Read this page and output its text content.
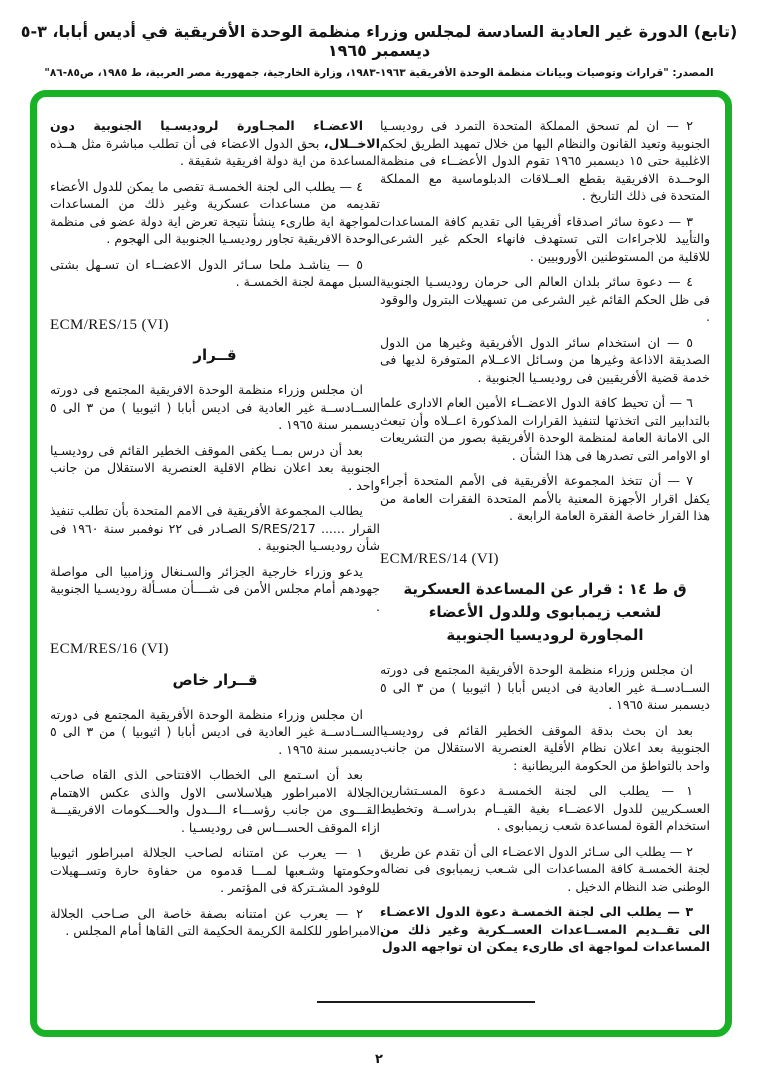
(تابع) الدورة غير العادية السادسة لمجلس وزراء منظمة الوحدة الأفريقية في أديس أبابا، ٣-٥ ديسمبر ١٩٦٥
المصدر: "قرارات وتوصيات وبيانات منظمة الوحدة الأفريقية ١٩٦٣-١٩٨٣، وزارة الخارجية، جمهورية مصر العربية، ط ١٩٨٥، ص٨٥-٨٦"
٢ — ان لم تسحق المملكة المتحدة التمرد فى روديسـيا الجنوبية وتعيد القانون والنظام اليها من خلال تمهيد الطريق لحكم الاغلبية حتى ١٥ ديسمبر ١٩٦٥ تقوم الدول الأعضــاء فى منظمة الوحــدة الافريقية بقطع العــلاقات الدبلوماسية مع المملكة المتحدة فى ذلك التاريخ .
٣ — دعوة سائر اصدقاء أفريقيا الى تقديم كافة المساعدات والتأييد للاجراءات التى تستهدف فانهاء الحكم غير الشرعى للاقلية من المستوطنين الأوروبيين .
٤ — دعوة سائر بلدان العالم الى حرمان روديسـيا الجنوبية فى ظل الحكم القائم غير الشرعى من تسهيلات البترول والوقود .
٥ — ان استخدام سائر الدول الأفريقية وغيرها من الدول الصديقة الاذاعة وغيرها من وسـائل الاعــلام المتوفرة لديها فى خدمة قضية الأفريقيين فى روديسـيا الجنوبية .
٦ — أن تحيط كافة الدول الاعضــاء الأمين العام الادارى علما بالتدابير التى اتخذتها لتنفيذ القرارات المذكورة اعــلاه وأن تبعث الى الامانة العامة لمنظمة الوحدة الأفريقية بصور من التشريعات او الاوامر التى تصدرها فى هذا الشأن .
٧ — أن تتخذ المجموعة الأفريقية فى الأمم المتحدة أجراء يكفل اقرار الأجهزة المعنية بالأمم المتحدة الفقرات العامة من هذا القرار خاصة الفقرة العامة الرابعة .
ECM/RES/14 (VI)
ق ط ١٤ : قرار عن المساعدة العسكرية
لشعب زيمبابوى وللدول الأعضاء
المجاورة لروديسيا الجنوبية
ان مجلس وزراء منظمة الوحدة الأفريقية المجتمع فى دورته الســادســة غير العادية فى اديس أبابا ( اثيوبيا ) من ٣ الى ٥ ديسمبر سنة ١٩٦٥ .
بعد ان بحث بدقة الموقف الخطير القائم فى روديسـيا الجنوبية بعد اعلان نظام الأقلية العنصرية الاستقلال من جانب واحد بالتواطؤ من الحكومة البريطانية :
١ — يطلب الى لجنة الخمسـة دعوة المسـتشارين العسـكريين للدول الاعضــاء بغية القيــام بدراســة وتخطيط استخدام القوة لمساعدة شعب زيمبابوى .
٢ — يطلب الى سـائر الدول الاعضـاء الى أن تقدم عن طريق لجنة الخمسـة كافة المساعدات الى شـعب زيمبابوى فى نضاله الوطنى ضد النظام الدخيل .
٣ — يطلب الى لجنة الخمسـة دعوة الدول الاعضـاء الى تقــديم المســاعدات العســكرية وغير ذلك من المساعدات لمواجهة اى طارىء يمكن ان تواجهه الدول
الاعضـاء المجـاورة لروديسـيا الجنوبية دون الاخــلال، بحق الدول الاعضاء فى أن تطلب مباشرة مثل هــذه المساعدة من اية دولة افريقية شقيقة .
٤ — يطلب الى لجنة الخمسـة تقصى ما يمكن للدول الأعضاء تقديمه من مساعدات عسكرية وغير ذلك من المساعدات لمواجهة اية طارىء ينشأ نتيجة تعرض اية دولة عضو فى منظمة الوحدة الافريقية تجاور روديسـيا الجنوبية الى الهجوم .
٥ — يناشـد ملحا سـائر الدول الاعضــاء ان تسـهل بشتى السبل مهمة لجنة الخمسـة .
ECM/RES/15 (VI)
قــرار
ان مجلس وزراء منظمة الوحدة الافريقية المجتمع فى دورته الســادســة غير العادية فى اديس أبابا ( اثيوبيا ) من ٣ الى ٥ ديسمبر سنة ١٩٦٥ .
بعد أن درس بمــا يكفى الموقف الخطير القائم فى روديسـيا الجنوبية بعد اعلان نظام الاقلية العنصرية الاستقلال من جانب واحد .
يطالب المجموعة الأفريقية فى الامم المتحدة بأن تطلب تنفيذ القرار ...... S/RES/217 الصـادر فى ٢٢ نوفمبر سنة ١٩٦٠ فى شأن روديسـيا الجنوبية .
يدعو وزراء خارجية الجزائر والسـنغال وزامبيا الى مواصلة جهودهم أمام مجلس الأمن فى شــــأن مسـألة روديسـيا الجنوبية .
ECM/RES/16 (VI)
قــرار خاص
ان مجلس وزراء منظمة الوحدة الأفريقية المجتمع فى دورته الســادســة غير العادية فى اديس أبابا ( اثيوبيا ) من ٣ الى ٥ ديسمبر سنة ١٩٦٥ .
بعد أن اسـتمع الى الخطاب الافتتاحى الذى القاه صاحب الجلالة الامبراطور هيلاسلاسى الاول والذى عكس الاهتمام القـــوى من جانب رؤســـاء الـــدول والحـــكومات الافريقيـــة ازاء الموقف الحســـاس فى روديسـيا .
١ — يعرب عن امتنانه لصاحب الجلالة امبراطور اثيوبيا وحكومتها وشـعبها لمـــا قدموه من حفاوة حارة وتســهيلات للوفود المشـتركة فى المؤتمر .
٢ — يعرب عن امتنانه بصفة خاصة الى صـاحب الجلالة الامبراطور للكلمة الكريمة الحكيمة التى القاها أمام المجلس .
٢
